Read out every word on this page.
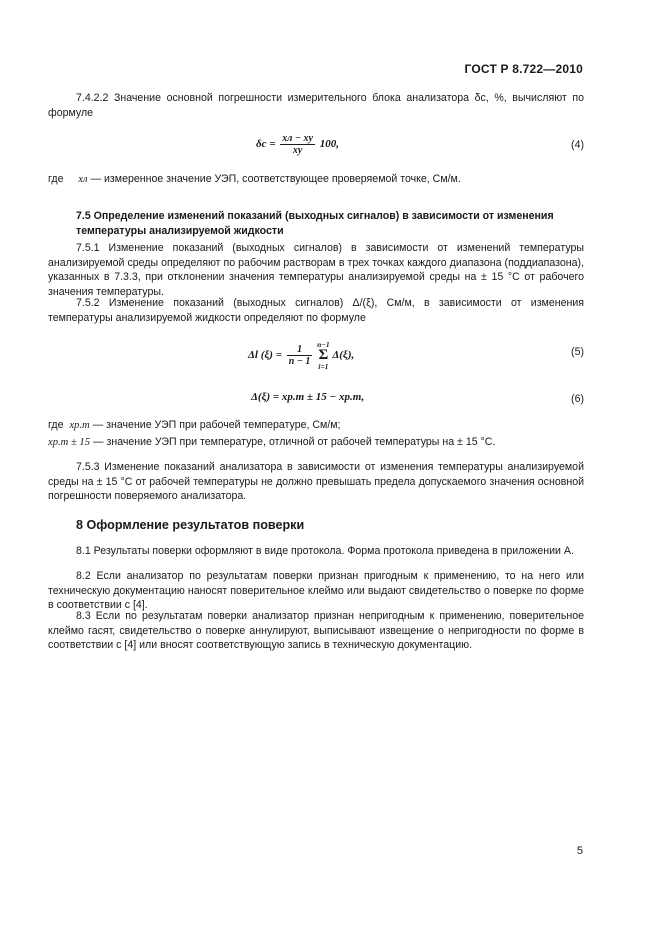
ГОСТ Р 8.722—2010
7.4.2.2 Значение основной погрешности измерительного блока анализатора δс, %, вычисляют по формуле
$\delta с = \frac{xл - xу}{xу} 100$,	(4)
где xл — измеренное значение УЭП, соответствующее проверяемой точке, См/м.
7.5 Определение изменений показаний (выходных сигналов) в зависимости от изменения температуры анализируемой жидкости
7.5.1 Изменение показаний (выходных сигналов) в зависимости от изменений температуры анализируемой среды определяют по рабочим растворам в трех точках каждого диапазона (поддиапазона), указанных в 7.3.3, при отклонении значения температуры анализируемой среды на ± 15 °С от рабочего значения температуры.
7.5.2 Изменение показаний (выходных сигналов) Δ/(ξ), См/м, в зависимости от изменения температуры анализируемой жидкости определяют по формуле
Δl $(\xi) = \frac{1}{n - 1}$
n−1
Σ
i=1
Δ(ξ),	(5)
Δ(ξ) = xр.т ± 15 − xр.т,	(6)
где xр.т — значение УЭП при рабочей температуре, См/м;
xр.т ± 15 — значение УЭП при температуре, отличной от рабочей температуры на ± 15 °С.
7.5.3 Изменение показаний анализатора в зависимости от изменения температуры анализируемой среды на ± 15 °С от рабочей температуры не должно превышать предела допускаемого значения основной погрешности поверяемого анализатора.
8 Оформление результатов поверки
8.1 Результаты поверки оформляют в виде протокола. Форма протокола приведена в приложении А.
8.2 Если анализатор по результатам поверки признан пригодным к применению, то на него или техническую документацию наносят поверительное клеймо или выдают свидетельство о поверке по форме в соответствии с [4].
8.3 Если по результатам поверки анализатор признан непригодным к применению, поверительное клеймо гасят, свидетельство о поверке аннулируют, выписывают извещение о непригодности по форме в соответствии с [4] или вносят соответствующую запись в техническую документацию.
5
